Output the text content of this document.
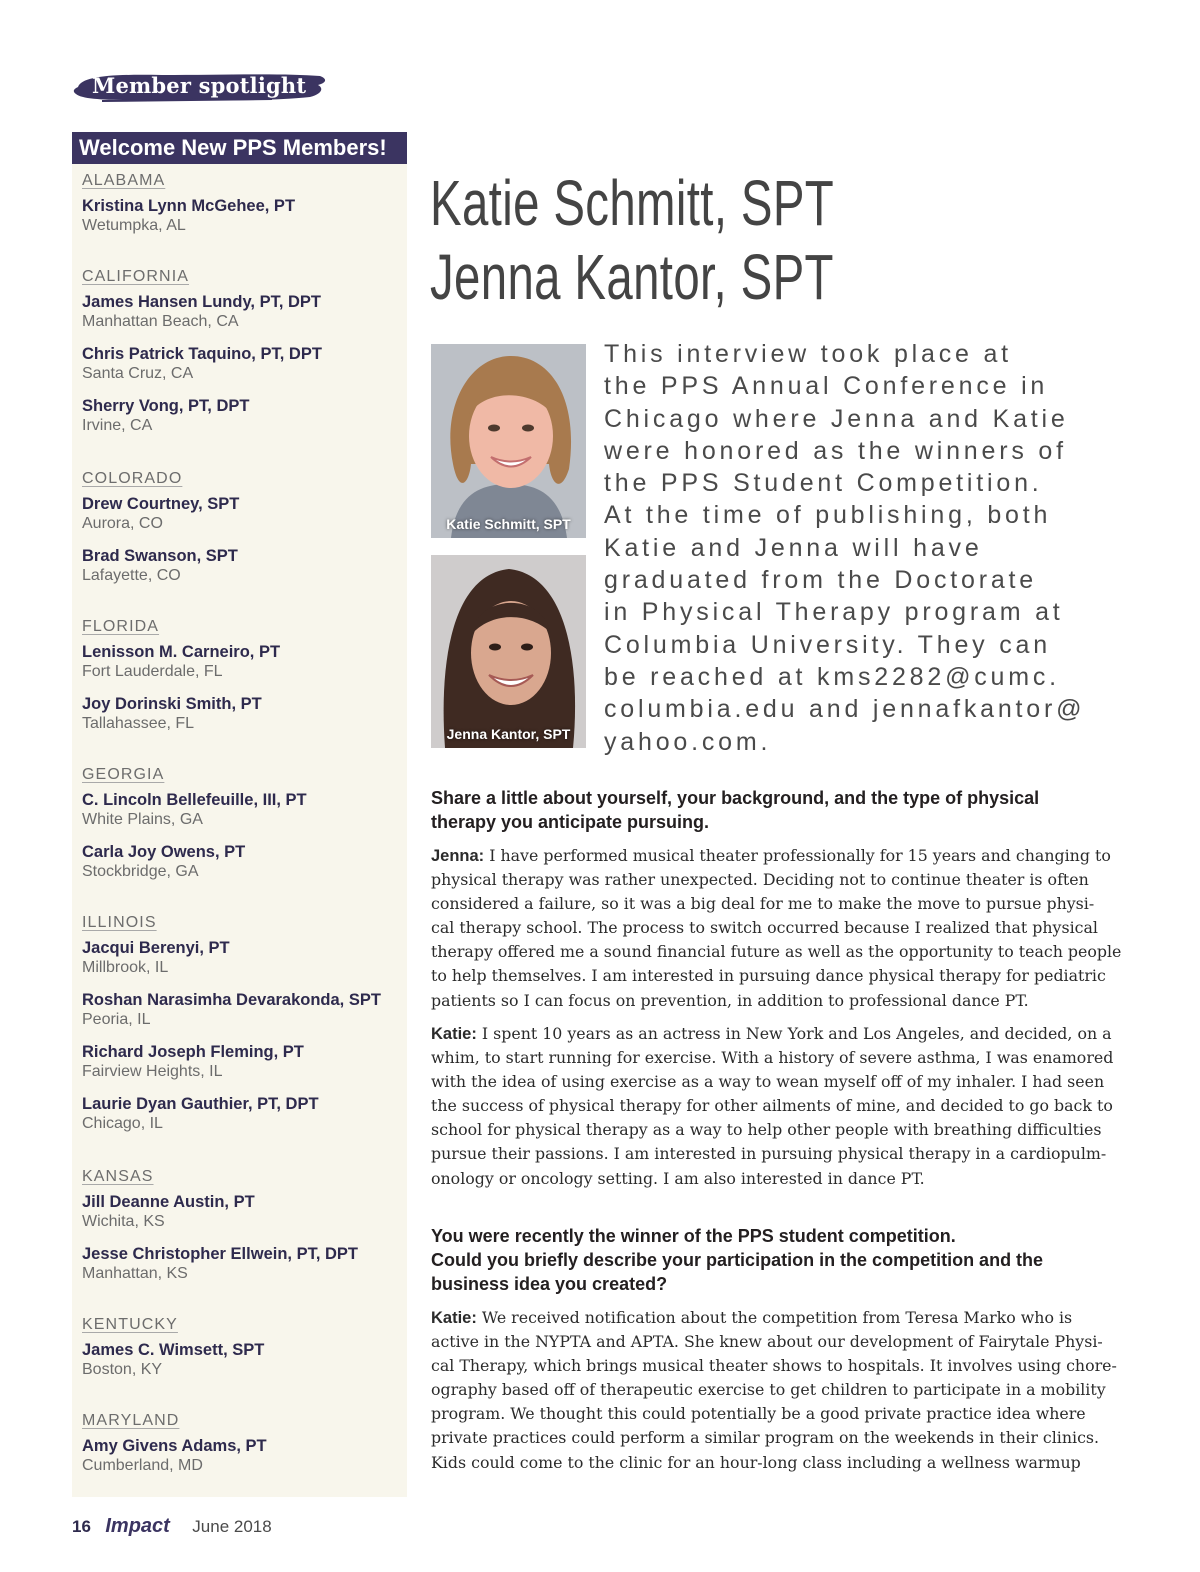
Member spotlight
Welcome New PPS Members!
ALABAMA
Kristina Lynn McGehee, PT
Wetumpka, AL
CALIFORNIA
James Hansen Lundy, PT, DPT
Manhattan Beach, CA
Chris Patrick Taquino, PT, DPT
Santa Cruz, CA
Sherry Vong, PT, DPT
Irvine, CA
COLORADO
Drew Courtney, SPT
Aurora, CO
Brad Swanson, SPT
Lafayette, CO
FLORIDA
Lenisson M. Carneiro, PT
Fort Lauderdale, FL
Joy Dorinski Smith, PT
Tallahassee, FL
GEORGIA
C. Lincoln Bellefeuille, III, PT
White Plains, GA
Carla Joy Owens, PT
Stockbridge, GA
ILLINOIS
Jacqui Berenyi, PT
Millbrook, IL
Roshan Narasimha Devarakonda, SPT
Peoria, IL
Richard Joseph Fleming, PT
Fairview Heights, IL
Laurie Dyan Gauthier, PT, DPT
Chicago, IL
KANSAS
Jill Deanne Austin, PT
Wichita, KS
Jesse Christopher Ellwein, PT, DPT
Manhattan, KS
KENTUCKY
James C. Wimsett, SPT
Boston, KY
MARYLAND
Amy Givens Adams, PT
Cumberland, MD
Katie Schmitt, SPT
Jenna Kantor, SPT
Katie Schmitt, SPT
Jenna Kantor, SPT
This interview took place at
the PPS Annual Conference in
Chicago where Jenna and Katie
were honored as the winners of
the PPS Student Competition.
At the time of publishing, both
Katie and Jenna will have
graduated from the Doctorate
in Physical Therapy program at
Columbia University. They can
be reached at kms2282@cumc.
columbia.edu and jennafkantor@
yahoo.com.
Share a little about yourself, your background, and the type of physical
therapy you anticipate pursuing.
Jenna: I have performed musical theater professionally for 15 years and changing to
physical therapy was rather unexpected. Deciding not to continue theater is often
considered a failure, so it was a big deal for me to make the move to pursue physi-
cal therapy school. The process to switch occurred because I realized that physical
therapy offered me a sound financial future as well as the opportunity to teach people
to help themselves. I am interested in pursuing dance physical therapy for pediatric
patients so I can focus on prevention, in addition to professional dance PT.
Katie: I spent 10 years as an actress in New York and Los Angeles, and decided, on a
whim, to start running for exercise. With a history of severe asthma, I was enamored
with the idea of using exercise as a way to wean myself off of my inhaler. I had seen
the success of physical therapy for other ailments of mine, and decided to go back to
school for physical therapy as a way to help other people with breathing difficulties
pursue their passions. I am interested in pursuing physical therapy in a cardiopulm-
onology or oncology setting. I am also interested in dance PT.
You were recently the winner of the PPS student competition.
Could you briefly describe your participation in the competition and the
business idea you created?
Katie: We received notification about the competition from Teresa Marko who is
active in the NYPTA and APTA. She knew about our development of Fairytale Physi-
cal Therapy, which brings musical theater shows to hospitals. It involves using chore-
ography based off of therapeutic exercise to get children to participate in a mobility
program. We thought this could potentially be a good private practice idea where
private practices could perform a similar program on the weekends in their clinics.
Kids could come to the clinic for an hour-long class including a wellness warmup
16 Impact June 2018
